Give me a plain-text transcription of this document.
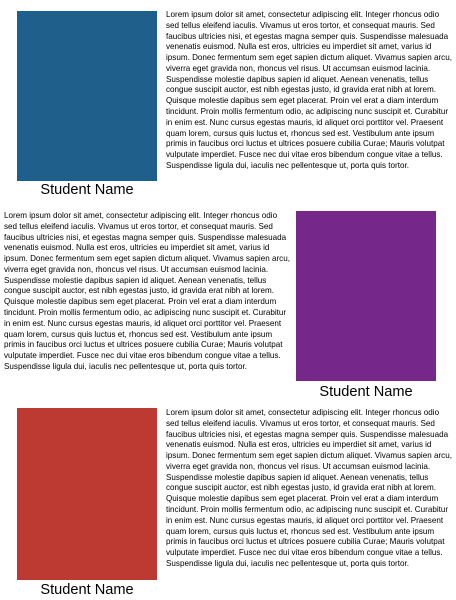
Student Name

Lorem ipsum dolor sit amet, consectetur adipiscing elit. Integer rhoncus odio sed tellus eleifend iaculis. Vivamus ut eros tortor, et consequat mauris. Sed faucibus ultricies nisi, et egestas magna semper quis. Suspendisse malesuada venenatis euismod. Nulla est eros, ultricies eu imperdiet sit amet, varius id ipsum. Donec fermentum sem eget sapien dictum aliquet. Vivamus sapien arcu, viverra eget gravida non, rhoncus vel risus. Ut accumsan euismod lacinia. Suspendisse molestie dapibus sapien id aliquet. Aenean venenatis, tellus congue suscipit auctor, est nibh egestas justo, id gravida erat nibh at lorem. Quisque molestie dapibus sem eget placerat. Proin vel erat a diam interdum tincidunt. Proin mollis fermentum odio, ac adipiscing nunc suscipit et. Curabitur in enim est. Nunc cursus egestas mauris, id aliquet orci porttitor vel. Praesent quam lorem, cursus quis luctus et, rhoncus sed est. Vestibulum ante ipsum primis in faucibus orci luctus et ultrices posuere cubilia Curae; Mauris volutpat vulputate imperdiet. Fusce nec dui vitae eros bibendum congue vitae a tellus. Suspendisse ligula dui, iaculis nec pellentesque ut, porta quis tortor.

Lorem ipsum dolor sit amet, consectetur adipiscing elit. Integer rhoncus odio sed tellus eleifend iaculis. Vivamus ut eros tortor, et consequat mauris. Sed faucibus ultricies nisi, et egestas magna semper quis. Suspendisse malesuada venenatis euismod. Nulla est eros, ultricies eu imperdiet sit amet, varius id ipsum. Donec fermentum sem eget sapien dictum aliquet. Vivamus sapien arcu, viverra eget gravida non, rhoncus vel risus. Ut accumsan euismod lacinia. Suspendisse molestie dapibus sapien id aliquet. Aenean venenatis, tellus congue suscipit auctor, est nibh egestas justo, id gravida erat nibh at lorem. Quisque molestie dapibus sem eget placerat. Proin vel erat a diam interdum tincidunt. Proin mollis fermentum odio, ac adipiscing nunc suscipit et. Curabitur in enim est. Nunc cursus egestas mauris, id aliquet orci porttitor vel. Praesent quam lorem, cursus quis luctus et, rhoncus sed est. Vestibulum ante ipsum primis in faucibus orci luctus et ultrices posuere cubilia Curae; Mauris volutpat vulputate imperdiet. Fusce nec dui vitae eros bibendum congue vitae a tellus. Suspendisse ligula dui, iaculis nec pellentesque ut, porta quis tortor.

Student Name
Student Name

Lorem ipsum dolor sit amet, consectetur adipiscing elit. Integer rhoncus odio sed tellus eleifend iaculis. Vivamus ut eros tortor, et consequat mauris. Sed faucibus ultricies nisi, et egestas magna semper quis. Suspendisse malesuada venenatis euismod. Nulla est eros, ultricies eu imperdiet sit amet, varius id ipsum. Donec fermentum sem eget sapien dictum aliquet. Vivamus sapien arcu, viverra eget gravida non, rhoncus vel risus. Ut accumsan euismod lacinia. Suspendisse molestie dapibus sapien id aliquet. Aenean venenatis, tellus congue suscipit auctor, est nibh egestas justo, id gravida erat nibh at lorem. Quisque molestie dapibus sem eget placerat. Proin vel erat a diam interdum tincidunt. Proin mollis fermentum odio, ac adipiscing nunc suscipit et. Curabitur in enim est. Nunc cursus egestas mauris, id aliquet orci porttitor vel. Praesent quam lorem, cursus quis luctus et, rhoncus sed est. Vestibulum ante ipsum primis in faucibus orci luctus et ultrices posuere cubilia Curae; Mauris volutpat vulputate imperdiet. Fusce nec dui vitae eros bibendum congue vitae a tellus. Suspendisse ligula dui, iaculis nec pellentesque ut, porta quis tortor.
